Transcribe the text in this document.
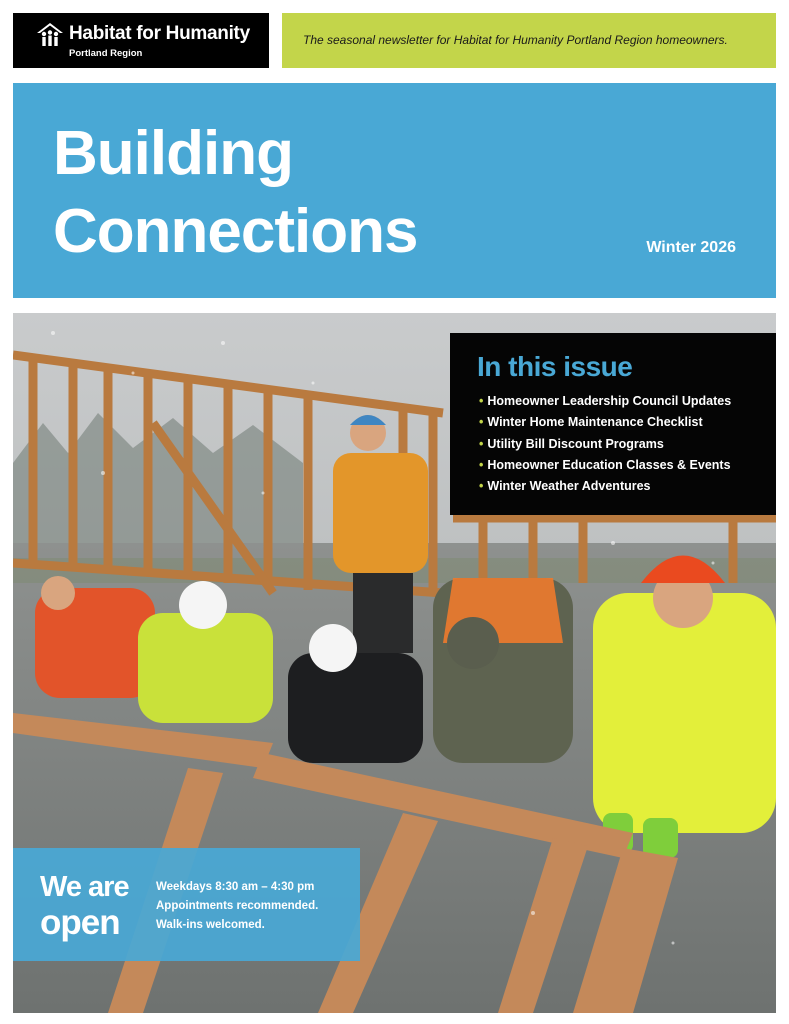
Habitat for Humanity
Portland Region
The seasonal newsletter for Habitat for Humanity Portland Region homeowners.
Building
Connections	Winter 2026
In this issue
• Homeowner Leadership Council Updates
• Winter Home Maintenance Checklist
• Utility Bill Discount Programs
• Homeowner Education Classes & Events
• Winter Weather Adventures
We are
open
Weekdays 8:30 am – 4:30 pm
Appointments recommended.
Walk-ins welcomed.
